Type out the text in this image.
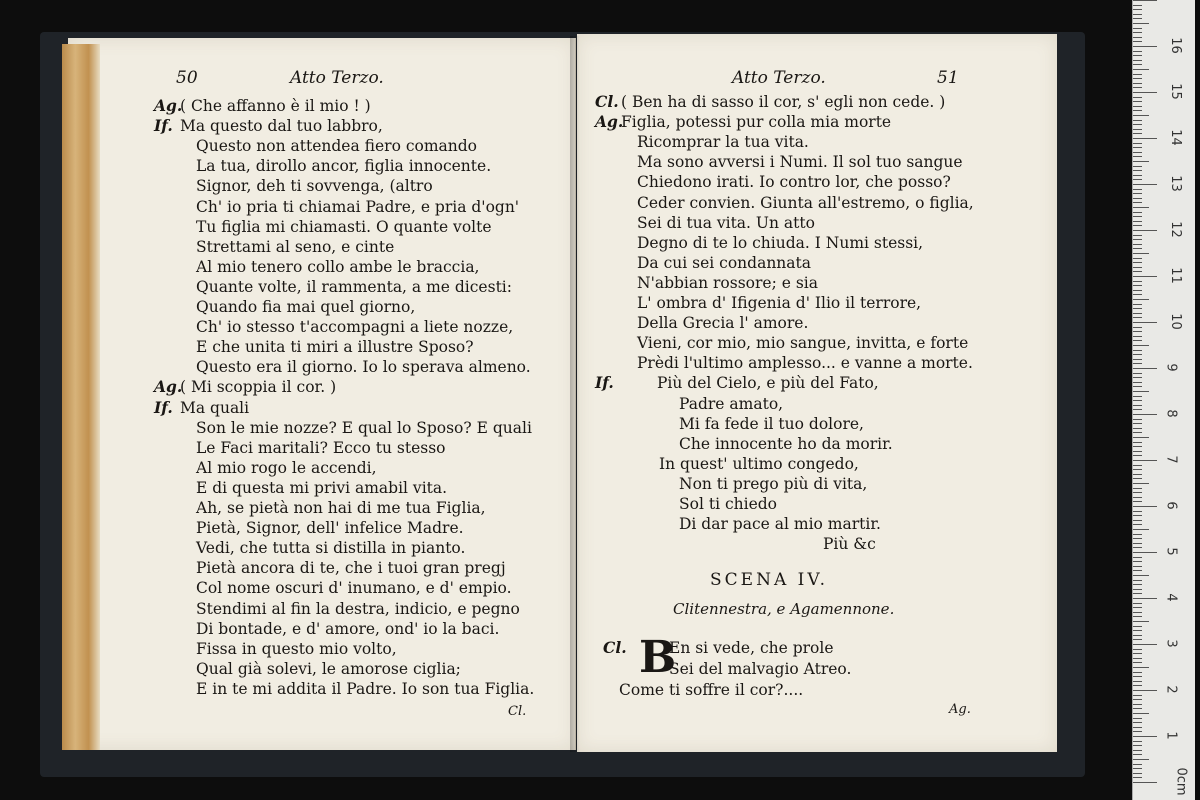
50	Atto Terzo.
Ag.
( Che affanno è il mio ! )
If. Ma questo dal tuo labbro,
Questo non attendea fiero comando
La tua, dirollo ancor, figlia innocente.
Signor, deh ti sovvenga, (altro
Ch' io pria ti chiamai Padre, e pria d'ogn'
Tu figlia mi chiamasti. O quante volte
Strettami al seno, e cinte
Al mio tenero collo ambe le braccia,
Quante volte, il rammenta, a me dicesti:
Quando fia mai quel giorno,
Ch' io stesso t'accompagni a liete nozze,
E che unita ti miri a illustre Sposo?
Questo era il giorno. Io lo sperava almeno.
Ag.
( Mi scoppia il cor. )
If. Ma quali
Son le mie nozze? E qual lo Sposo? E quali
Le Faci maritali? Ecco tu stesso
Al mio rogo le accendi,
E di questa mi privi amabil vita.
Ah, se pietà non hai di me tua Figlia,
Pietà, Signor, dell' infelice Madre.
Vedi, che tutta si distilla in pianto.
Pietà ancora di te, che i tuoi gran pregj
Col nome oscuri d' inumano, e d' empio.
Stendimi al fin la destra, indicio, e pegno
Di bontade, e d' amore, ond' io la baci.
Fissa in questo mio volto,
Qual già solevi, le amorose ciglia;
E in te mi addita il Padre. Io son tua Figlia.
Cl.
Atto Terzo.	51
Cl. ( Ben ha di sasso il cor, s' egli non cede. )
Ag.
Figlia, potessi pur colla mia morte
Ricomprar la tua vita.
Ma sono avversi i Numi. Il sol tuo sangue
Chiedono irati. Io contro lor, che posso?
Ceder convien. Giunta all'estremo, o figlia,
Sei di tua vita. Un atto
Degno di te lo chiuda. I Numi stessi,
Da cui sei condannata
N'abbian rossore; e sia
L' ombra d' Ifigenia d' Ilio il terrore,
Della Grecia l' amore.
Vieni, cor mio, mio sangue, invitta, e forte
Prèdi l'ultimo amplesso... e vanne a morte.
If.	Più del Cielo, e più del Fato,
Padre amato,
Mi fa fede il tuo dolore,
Che innocente ho da morir.
In quest' ultimo congedo,
Non ti prego più di vita,
Sol ti chiedo
Di dar pace al mio martir.
Più &c
SCENA IV.
Clitennestra, e Agamennone.
Cl. B
En si vede, che prole
Sei del malvagio Atreo.
Come ti soffre il cor?....
Ag.
16
15
14
13
12
11
10
9
8
7
6
5
4
3
2
1
0cm
